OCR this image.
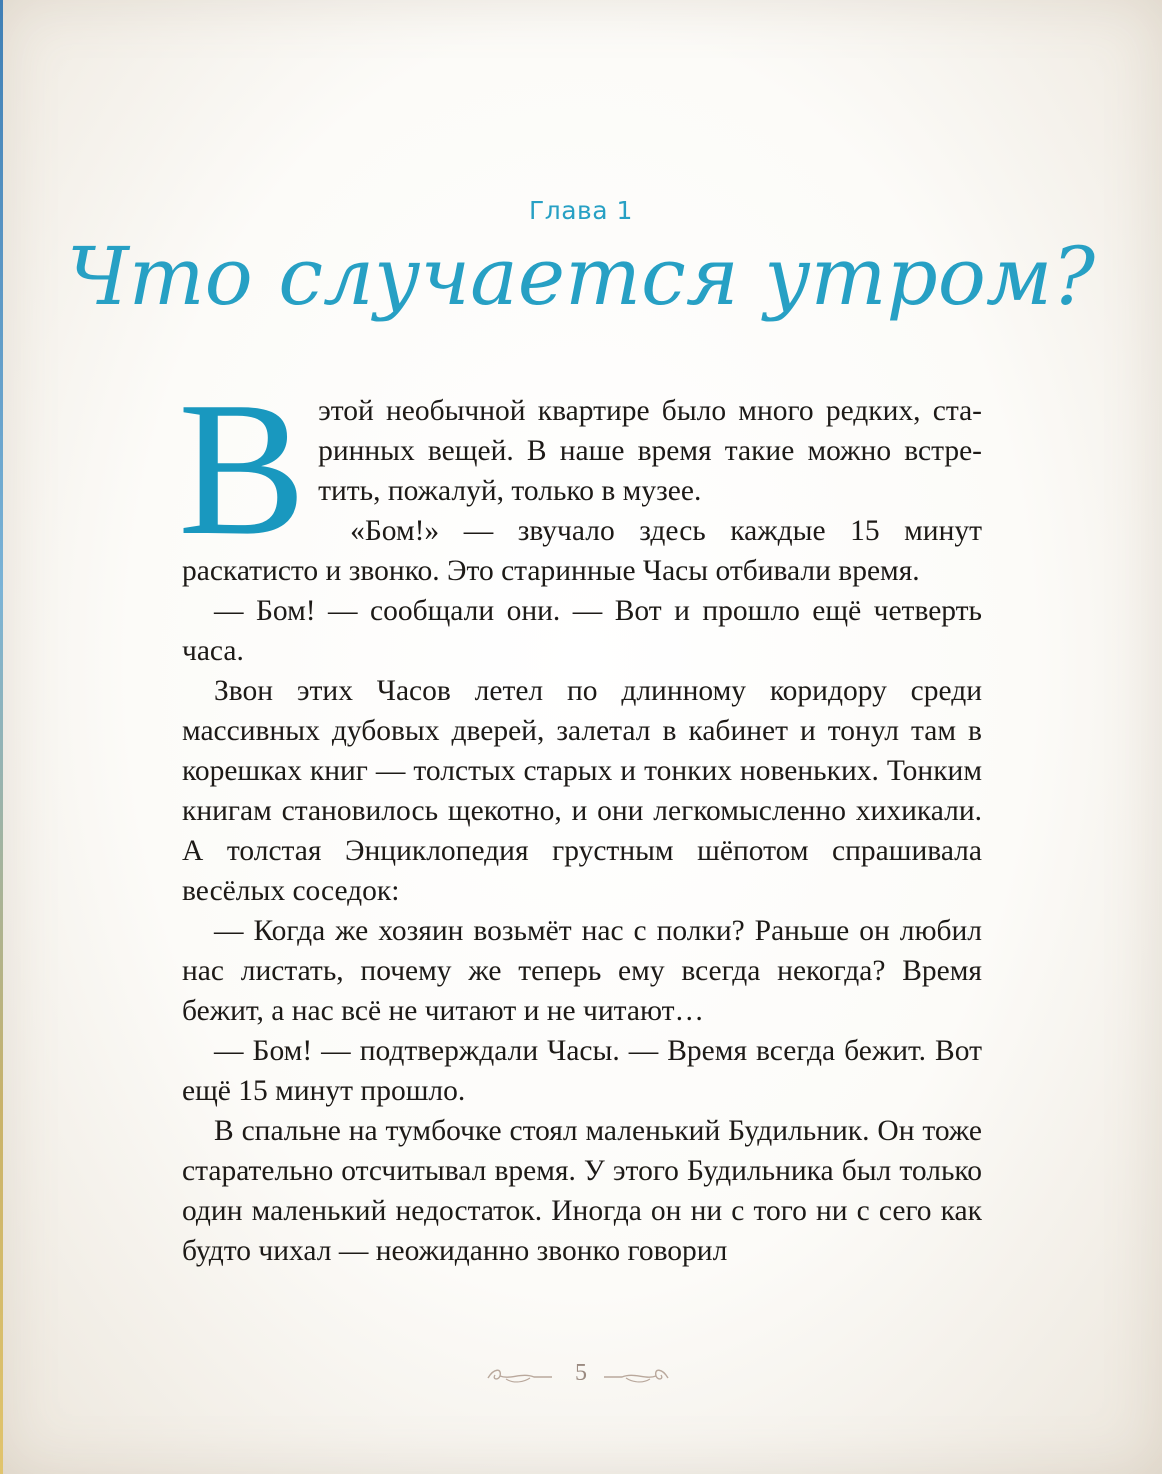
Глава 1
Что случается утром?

В этой необычной квартире было много редких, старинных вещей. В наше время такие можно встретить, пожалуй, только в музее.

«Бом!» — звучало здесь каждые 15 минут раскатисто и звонко. Это старинные Часы отбивали время.

— Бом! — сообщали они. — Вот и прошло ещё четверть часа.

Звон этих Часов летел по длинному коридору среди массивных дубовых дверей, залетал в кабинет и тонул там в корешках книг — толстых старых и тонких новеньких. Тонким книгам становилось щекотно, и они легкомысленно хихикали. А толстая Энциклопедия грустным шёпотом спрашивала весёлых соседок:

— Когда же хозяин возьмёт нас с полки? Раньше он любил нас листать, почему же теперь ему всегда некогда? Время бежит, а нас всё не читают и не читают…

— Бом! — подтверждали Часы. — Время всегда бежит. Вот ещё 15 минут прошло.

В спальне на тумбочке стоял маленький Будильник. Он тоже старательно отсчитывал время. У этого Будильника был только один маленький недостаток. Иногда он ни с того ни с сего как будто чихал — неожиданно звонко говорил

5
